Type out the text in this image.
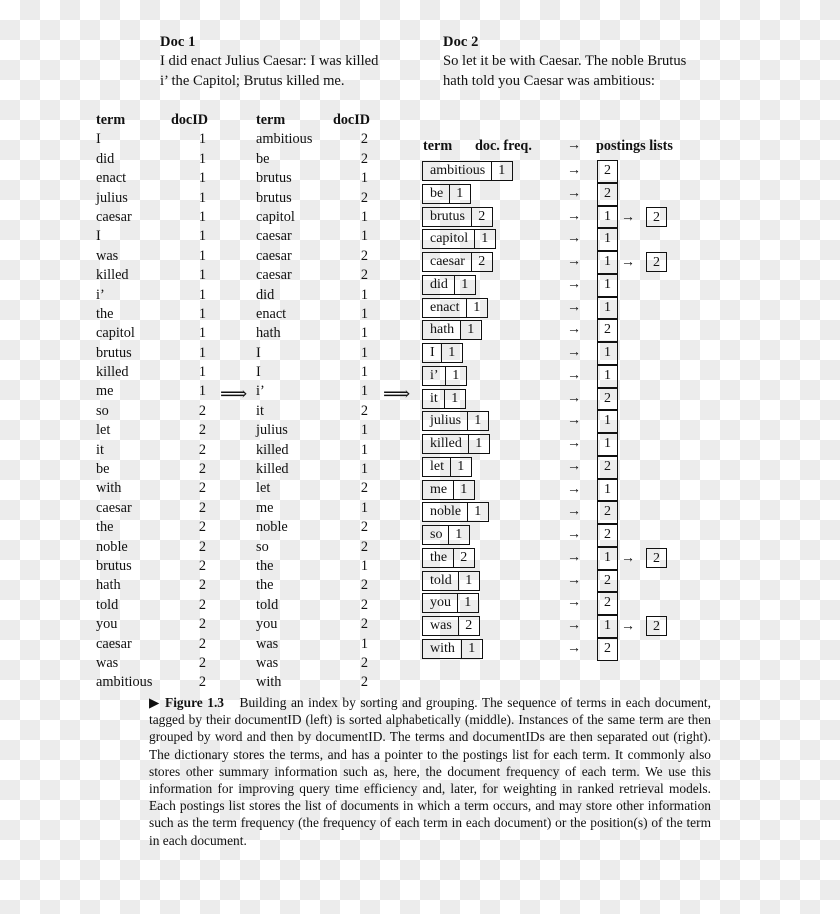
Doc 1
I did enact Julius Caesar: I was killed
i’ the Capitol; Brutus killed me.
Doc 2
So let it be with Caesar. The noble Brutus
hath told you Caesar was ambitious:
term	docID
I	1
did	1
enact	1
julius	1
caesar	1
I	1
was	1
killed	1
i’	1
the	1
capitol	1
brutus	1
killed	1
me	1
so	2
let	2
it	2
be	2
with	2
caesar	2
the	2
noble	2
brutus	2
hath	2
told	2
you	2
caesar	2
was	2
ambitious	2
term	docID
ambitious	2
be	2
brutus	1
brutus	2
capitol	1
caesar	1
caesar	2
caesar	2
did	1
enact	1
hath	1
I	1
I	1
i’	1
it	2
julius	1
killed	1
killed	1
let	2
me	1
noble	2
so	2
the	1
the	2
told	2
you	2
was	1
was	2
with	2
⟹	⟹
term doc. freq.	→ postings lists
ambitious 1	→	2
be 1	→	2
brutus 2	→	1 →	2
capitol 1	→	1
caesar 2	→	1 →	2
did 1	→	1
enact 1	→	1
hath 1	→	2
I 1	→	1
i’ 1	→	1
it 1	→	2
julius 1	→	1
killed 1	→	1
let 1	→	2
me 1	→	1
noble 1	→	2
so 1	→	2
the 2	→	1 →	2
told 1	→	2
you 1	→	2
was 2	→	1 →	2
with 1	→	2
▶ Figure 1.3 Building an index by sorting and grouping. The sequence of terms in each document, tagged by their documentID (left) is sorted alphabetically (middle). Instances of the same term are then grouped by word and then by documentID. The terms and documentIDs are then separated out (right). The dictionary stores the terms, and has a pointer to the postings list for each term. It commonly also stores other summary information such as, here, the document frequency of each term. We use this information for improving query time efficiency and, later, for weighting in ranked retrieval models. Each postings list stores the list of documents in which a term occurs, and may store other information such as the term frequency (the frequency of each term in each document) or the position(s) of the term in each document.
